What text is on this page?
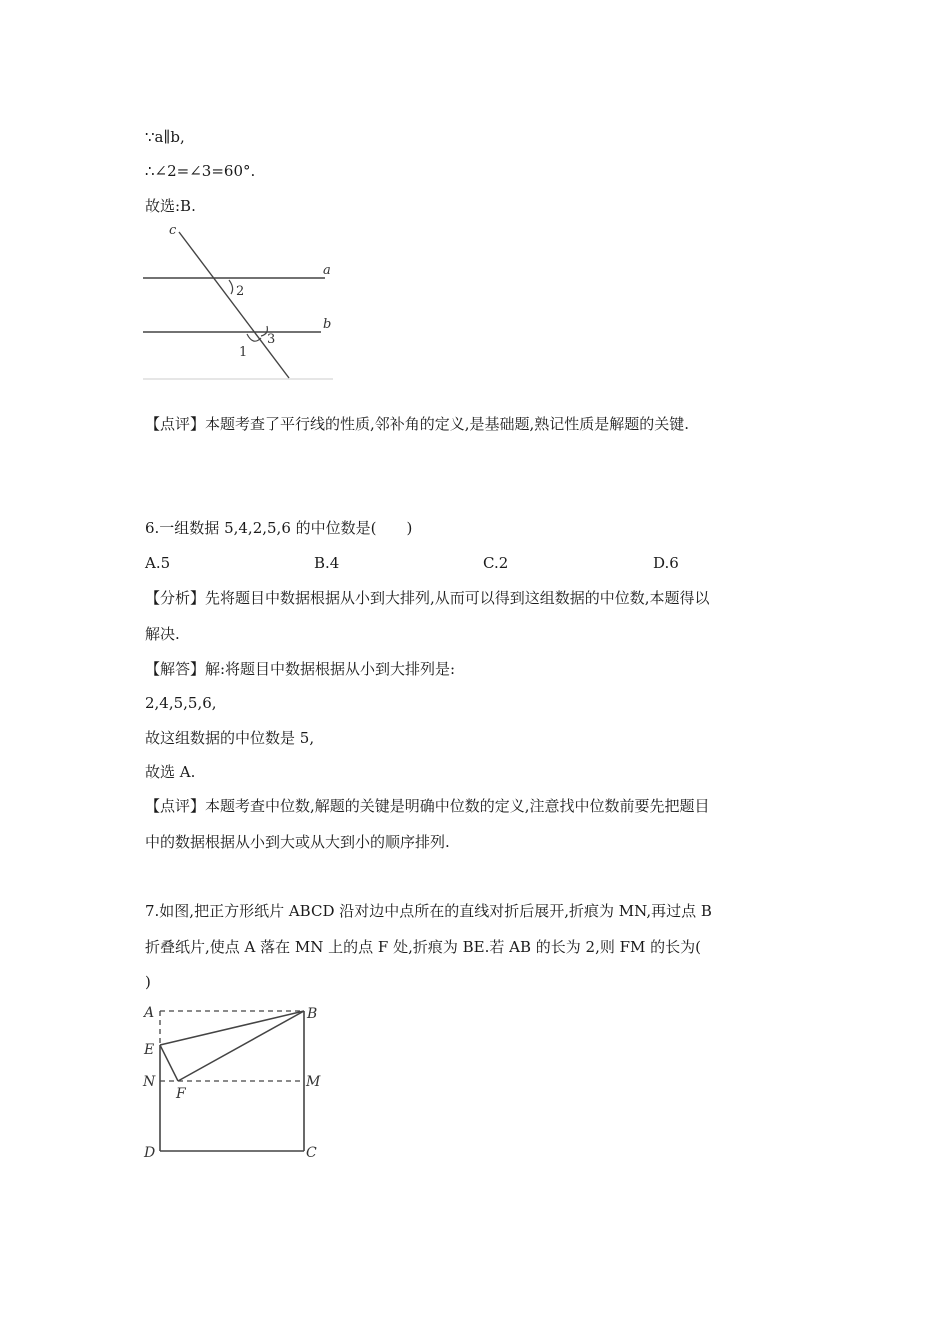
∵a∥b,
∴∠2=∠3=60°.
故选:B.
c
a
b
2
3
1
【点评】本题考查了平行线的性质,邻补角的定义,是基础题,熟记性质是解题的关键.
6.一组数据 5,4,2,5,6 的中位数是(　　)
A.5	B.4	C.2	D.6
【分析】先将题目中数据根据从小到大排列,从而可以得到这组数据的中位数,本题得以
解决.
【解答】解:将题目中数据根据从小到大排列是:
2,4,5,5,6,
故这组数据的中位数是 5,
故选 A.
【点评】本题考查中位数,解题的关键是明确中位数的定义,注意找中位数前要先把题目
中的数据根据从小到大或从大到小的顺序排列.
7.如图,把正方形纸片 ABCD 沿对边中点所在的直线对折后展开,折痕为 MN,再过点 B
折叠纸片,使点 A 落在 MN 上的点 F 处,折痕为 BE.若 AB 的长为 2,则 FM 的长为(
)
A	B
E
N	M
F
D	C
